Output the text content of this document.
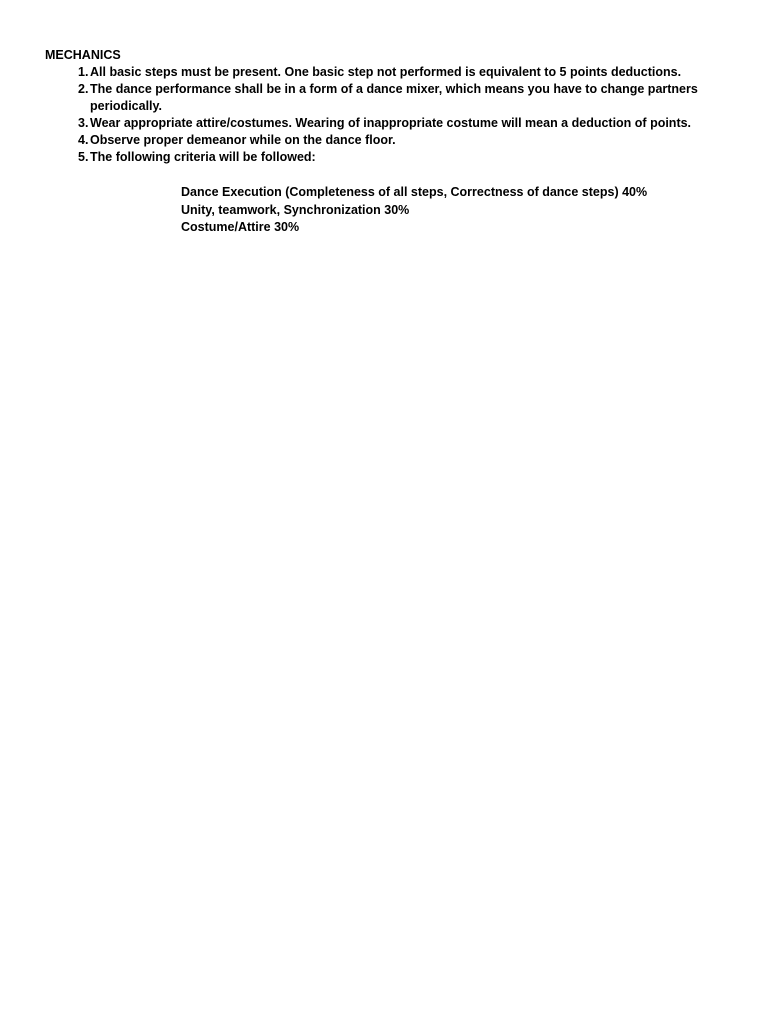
MECHANICS
1. All basic steps must be present. One basic step not performed is equivalent to 5 points deductions.
2. The dance performance shall be in a form of a dance mixer, which means you have to change partners
periodically.
3. Wear appropriate attire/costumes. Wearing of inappropriate costume will mean a deduction of points.
4. Observe proper demeanor while on the dance floor.
5. The following criteria will be followed:
Dance Execution (Completeness of all steps, Correctness of dance steps) 40%
Unity, teamwork, Synchronization 30%
Costume/Attire 30%
